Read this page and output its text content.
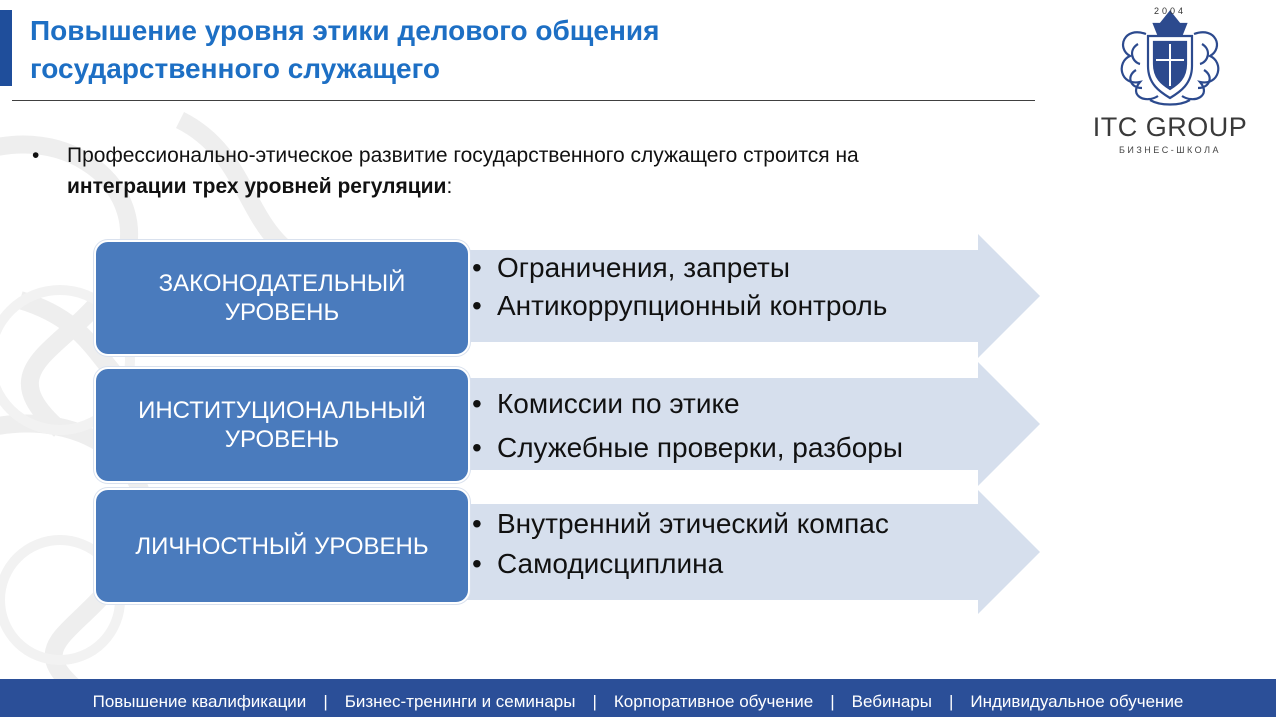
Повышение уровня этики делового общения
государственного служащего
2004
ITC GROUP
БИЗНЕС-ШКОЛА
• Профессионально-этическое развитие государственного служащего строится на интеграции трех уровней регуляции:
ЗАКОНОДАТЕЛЬНЫЙ УРОВЕНЬ
• Ограничения, запреты
• Антикоррупционный контроль
ИНСТИТУЦИОНАЛЬНЫЙ УРОВЕНЬ
• Комиссии по этике
• Служебные проверки, разборы
ЛИЧНОСТНЫЙ УРОВЕНЬ
• Внутренний этический компас
• Самодисциплина
Повышение квалификации | Бизнес-тренинги и семинары | Корпоративное обучение | Вебинары | Индивидуальное обучение
